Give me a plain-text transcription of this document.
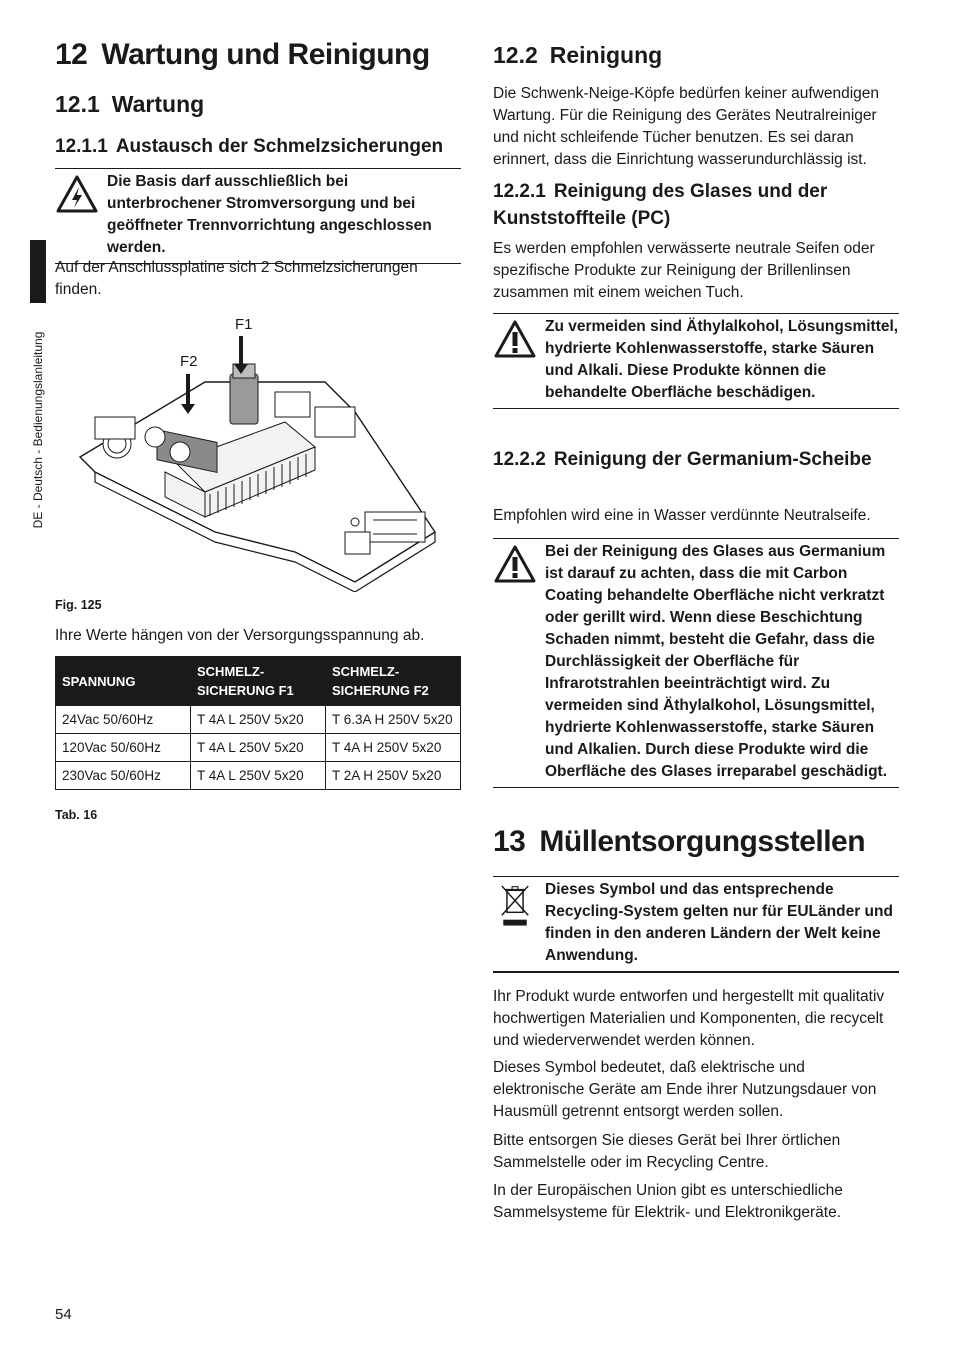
DE - Deutsch - Bedienungslanleitung
12 Wartung und Reinigung
12.1 Wartung
12.1.1 Austausch der Schmelzsicherungen
Die Basis darf ausschließlich bei unterbrochener Stromversorgung und bei geöffneter Trennvorrichtung angeschlossen werden.
Auf der Anschlussplatine sich 2 Schmelzsicherungen finden.
F1
F2
Fig. 125
Ihre Werte hängen von der Versorgungsspannung ab.
SPANNUNG	SCHMELZ-SICHERUNG F1	SCHMELZ-SICHERUNG F2
24Vac 50/60Hz	T 4A L 250V 5x20	T 6.3A H 250V 5x20
120Vac 50/60Hz	T 4A L 250V 5x20	T 4A H 250V 5x20
230Vac 50/60Hz	T 4A L 250V 5x20	T 2A H 250V 5x20
Tab. 16
12.2 Reinigung
Die Schwenk-Neige-Köpfe bedürfen keiner aufwendigen Wartung. Für die Reinigung des Gerätes Neutralreiniger und nicht schleifende Tücher benutzen. Es sei daran erinnert, dass die Einrichtung wasserundurchlässig ist.
12.2.1 Reinigung des Glases und der Kunststoffteile (PC)
Es werden empfohlen verwässerte neutrale Seifen oder spezifische Produkte zur Reinigung der Brillenlinsen zusammen mit einem weichen Tuch.
Zu vermeiden sind Äthylalkohol, Lösungsmittel, hydrierte Kohlenwasserstoffe, starke Säuren und Alkali. Diese Produkte können die behandelte Oberfläche beschädigen.
12.2.2 Reinigung der Germanium-Scheibe
Empfohlen wird eine in Wasser verdünnte Neutralseife.
Bei der Reinigung des Glases aus Germanium ist darauf zu achten, dass die mit Carbon Coating behandelte Oberfläche nicht verkratzt oder gerillt wird. Wenn diese Beschichtung Schaden nimmt, besteht die Gefahr, dass die Durchlässigkeit der Oberfläche für Infrarotstrahlen beeinträchtigt wird. Zu vermeiden sind Äthylalkohol, Lösungsmittel, hydrierte Kohlenwasserstoffe, starke Säuren und Alkalien. Durch diese Produkte wird die Oberfläche des Glases irreparabel geschädigt.
13 Müllentsorgungsstellen
Dieses Symbol und das entsprechende Recycling-System gelten nur für EULänder und finden in den anderen Ländern der Welt keine Anwendung.
Ihr Produkt wurde entworfen und hergestellt mit qualitativ hochwertigen Materialien und Komponenten, die recycelt und wiederverwendet werden können.
Dieses Symbol bedeutet, daß elektrische und elektronische Geräte am Ende ihrer Nutzungsdauer von Hausmüll getrennt entsorgt werden sollen.
Bitte entsorgen Sie dieses Gerät bei Ihrer örtlichen Sammelstelle oder im Recycling Centre.
In der Europäischen Union gibt es unterschiedliche Sammelsysteme für Elektrik- und Elektronikgeräte.
54
